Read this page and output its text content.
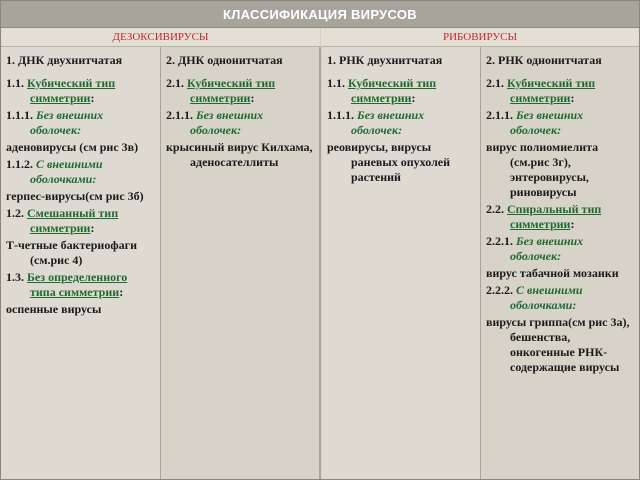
КЛАССИФИКАЦИЯ ВИРУСОВ
ДЕЗОКСИВИРУСЫ	РИБОВИРУСЫ
1. ДНК двухнитчатая
1.1. Кубический тип симметрии:
1.1.1. Без внешних оболочек:
аденовирусы (см рис 3в)
1.1.2. С внешними оболочками:
герпес-вирусы(см рис 3б)
1.2. Смешанный тип симметрии:
Т-четные бактериофаги (см.рис 4)
1.3. Без определенного типа симметрии:
оспенные вирусы
2. ДНК однонитчатая
2.1. Кубический тип симметрии:
2.1.1. Без внешних оболочек:
крысиный вирус Килхама, аденосателлиты
1. РНК двухнитчатая
1.1. Кубический тип симметрии:
1.1.1. Без внешних оболочек:
реовирусы, вирусы раневых опухолей растений
2. РНК однонитчатая
2.1. Кубический тип симметрии:
2.1.1. Без внешних оболочек:
вирус полиомиелита (см.рис 3г), энтеровирусы, риновирусы
2.2. Спиральный тип симметрии:
2.2.1. Без внешних оболочек:
вирус табачной мозаики
2.2.2. С внешними оболочками:
вирусы гриппа(см рис 3а), бешенства, онкогенные РНК-содержащие вирусы
